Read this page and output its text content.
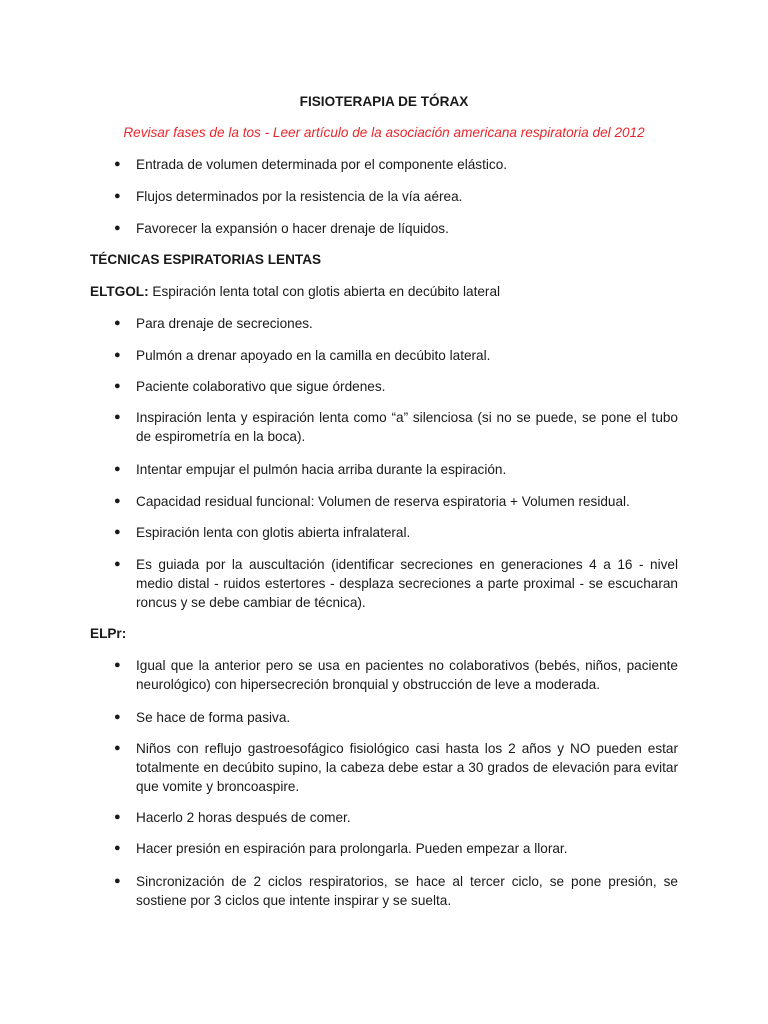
FISIOTERAPIA DE TÓRAX
Revisar fases de la tos - Leer artículo de la asociación americana respiratoria del 2012
● Entrada de volumen determinada por el componente elástico.
● Flujos determinados por la resistencia de la vía aérea.
● Favorecer la expansión o hacer drenaje de líquidos.
TÉCNICAS ESPIRATORIAS LENTAS
ELTGOL: Espiración lenta total con glotis abierta en decúbito lateral
● Para drenaje de secreciones.
● Pulmón a drenar apoyado en la camilla en decúbito lateral.
● Paciente colaborativo que sigue órdenes.
● Inspiración lenta y espiración lenta como “a” silenciosa (si no se puede, se pone el tubo de espirometría en la boca).
● Intentar empujar el pulmón hacia arriba durante la espiración.
● Capacidad residual funcional: Volumen de reserva espiratoria + Volumen residual.
● Espiración lenta con glotis abierta infralateral.
● Es guiada por la auscultación (identificar secreciones en generaciones 4 a 16 - nivel medio distal - ruidos estertores - desplaza secreciones a parte proximal - se escucharan roncus y se debe cambiar de técnica).
ELPr:
● Igual que la anterior pero se usa en pacientes no colaborativos (bebés, niños, paciente neurológico) con hipersecreción bronquial y obstrucción de leve a moderada.
● Se hace de forma pasiva.
● Niños con reflujo gastroesofágico fisiológico casi hasta los 2 años y NO pueden estar totalmente en decúbito supino, la cabeza debe estar a 30 grados de elevación para evitar que vomite y broncoaspire.
● Hacerlo 2 horas después de comer.
● Hacer presión en espiración para prolongarla. Pueden empezar a llorar.
● Sincronización de 2 ciclos respiratorios, se hace al tercer ciclo, se pone presión, se sostiene por 3 ciclos que intente inspirar y se suelta.
